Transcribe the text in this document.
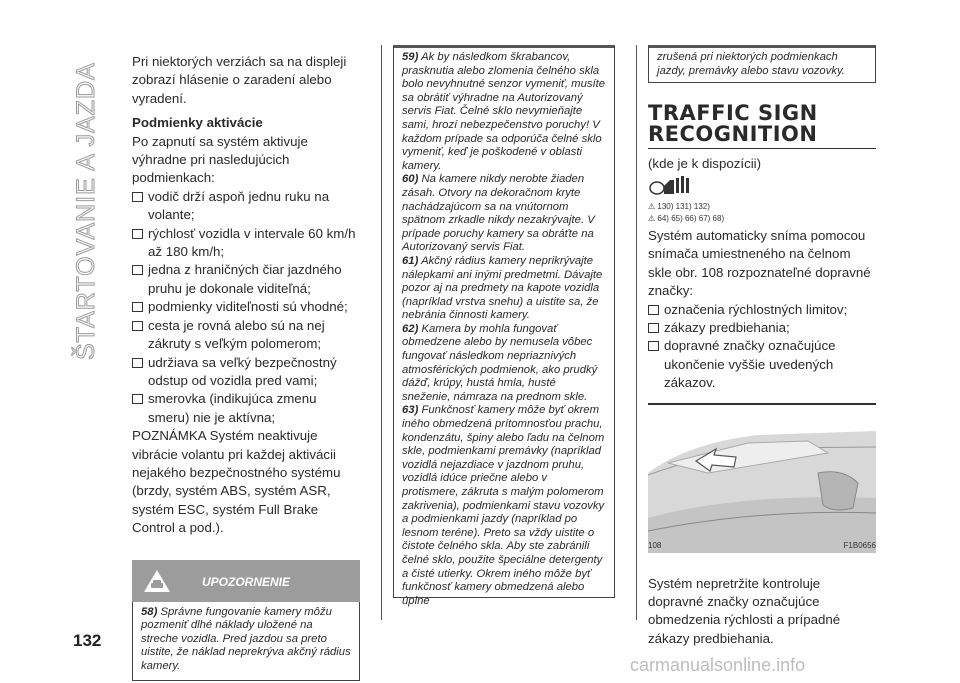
ŠTARTOVANIE A JAZDA
132
carmanualsonline.info
Pri niektorých verziách sa na displeji zobrazí hlásenie o zaradení alebo vyradení.
Podmienky aktivácie
Po zapnutí sa systém aktivuje výhradne pri nasledujúcich podmienkach:
vodič drží aspoň jednu ruku na volante;
rýchlosť vozidla v intervale 60 km/h až 180 km/h;
jedna z hraničných čiar jazdného pruhu je dokonale viditeľná;
podmienky viditeľnosti sú vhodné;
cesta je rovná alebo sú na nej zákruty s veľkým polomerom;
udržiava sa veľký bezpečnostný odstup od vozidla pred vami;
smerovka (indikujúca zmenu smeru) nie je aktívna;
POZNÁMKA Systém neaktivuje vibrácie volantu pri každej aktivácii nejakého bezpečnostného systému (brzdy, systém ABS, systém ASR, systém ESC, systém Full Brake Control a pod.).
UPOZORNENIE
58) Správne fungovanie kamery môžu pozmeniť dlhé náklady uložené na streche vozidla. Pred jazdou sa preto uistite, že náklad neprekrýva akčný rádius kamery.
59) Ak by následkom škrabancov, prasknutia alebo zlomenia čelného skla bolo nevyhnutné senzor vymeniť, musíte sa obrátiť výhradne na Autorizovaný servis Fiat. Čelné sklo nevymieňajte sami, hrozí nebezpečenstvo poruchy! V každom prípade sa odporúča čelné sklo vymeniť, keď je poškodené v oblasti kamery.
60) Na kamere nikdy nerobte žiaden zásah. Otvory na dekoračnom kryte nachádzajúcom sa na vnútornom spätnom zrkadle nikdy nezakrývajte. V prípade poruchy kamery sa obráťte na Autorizovaný servis Fiat.
61) Akčný rádius kamery neprikrývajte nálepkami ani inými predmetmi. Dávajte pozor aj na predmety na kapote vozidla (napríklad vrstva snehu) a uistite sa, že nebránia činnosti kamery.
62) Kamera by mohla fungovať obmedzene alebo by nemusela vôbec fungovať následkom nepriaznivých atmosférických podmienok, ako prudký dážď, krúpy, hustá hmla, husté sneženie, námraza na prednom skle.
63) Funkčnosť kamery môže byť okrem iného obmedzená prítomnosťou prachu, kondenzátu, špiny alebo ľadu na čelnom skle, podmienkami premávky (napríklad vozidlá nejazdiace v jazdnom pruhu, vozidlá idúce priečne alebo v protismere, zákruta s malým polomerom zakrivenia), podmienkami stavu vozovky a podmienkami jazdy (napríklad po lesnom teréne). Preto sa vždy uistite o čistote čelného skla. Aby ste zabránili čelné sklo, použite špeciálne detergenty a čisté utierky. Okrem iného môže byť funkčnosť kamery obmedzená alebo úplne
zrušená pri niektorých podmienkach jazdy, premávky alebo stavu vozovky.
TRAFFIC SIGN
RECOGNITION
(kde je k dispozícii)
⚠ 130) 131) 132)
⚠ 64) 65) 66) 67) 68)
Systém automaticky sníma pomocou snímača umiestneného na čelnom skle obr. 108 rozpoznateľné dopravné značky:
označenia rýchlostných limitov;
zákazy predbiehania;
dopravné značky označujúce ukončenie vyššie uvedených zákazov.
108	F1B0656
Systém nepretržite kontroluje dopravné značky označujúce obmedzenia rýchlosti a prípadné zákazy predbiehania.
